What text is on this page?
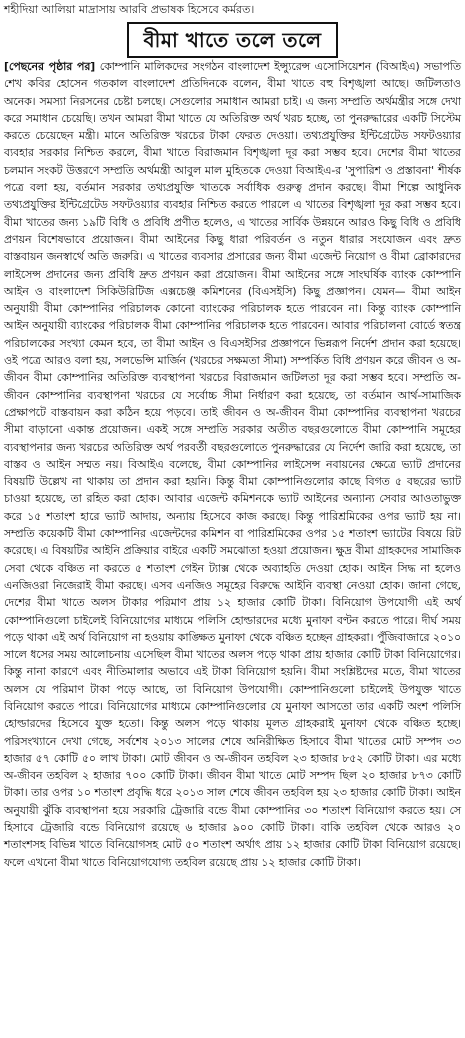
শহীদিয়া আলিয়া মাদ্রাসায় আরবি প্রভাষক হিসেবে কর্মরত।
বীমা খাতে তলে তলে

[পেছনের পৃষ্ঠার পর] কোম্পানি মালিকদের সংগঠন বাংলাদেশ ইন্স্যুরেন্স এসোসিয়েশন (বিআইএ) সভাপতি শেখ কবির হোসেন গতকাল বাংলাদেশ প্রতিদিনকে বলেন, বীমা খাতে বহু বিশৃঙ্খলা আছে। জটিলতাও অনেক। সমস্যা নিরসনের চেষ্টা চলছে। সেগুলোর সমাধান আমরা চাই। এ জন্য সম্প্রতি অর্থমন্ত্রীর সঙ্গে দেখা করে সমাধান চেয়েছি। তখন আমরা বীমা খাতে যে অতিরিক্ত অর্থ খরচ হচ্ছে, তা পুনরুদ্ধারের একটি সিস্টেম করতে চেয়েছেন মন্ত্রী। মানে অতিরিক্ত খরচের টাকা ফেরত দেওয়া। তথ্যপ্রযুক্তির ইন্টিগ্রেটেড সফটওয়্যার ব্যবহার সরকার নিশ্চিত করলে, বীমা খাতে বিরাজমান বিশৃঙ্খলা দূর করা সম্ভব হবে। দেশের বীমা খাতের চলমান সংকট উত্তরণে সম্প্রতি অর্থমন্ত্রী আবুল মাল মুহিতকে দেওয়া বিআইএ-র 'সুপারিশ ও প্রস্তাবনা' শীর্ষক পত্রে বলা হয়, বর্তমান সরকার তথ্যপ্রযুক্তি খাতকে সর্বাধিক গুরুত্ব প্রদান করছে। বীমা শিল্পে আধুনিক তথ্যপ্রযুক্তির ইন্টিগ্রেটেড সফটওয়্যার ব্যবহার নিশ্চিত করতে পারলে এ খাতের বিশৃঙ্খলা দূর করা সম্ভব হবে। বীমা খাতের জন্য ১৯টি বিধি ও প্রবিধি প্রণীত হলেও, এ খাতের সার্বিক উন্নয়নে আরও কিছু বিধি ও প্রবিধি প্রণয়ন বিশেষভাবে প্রয়োজন। বীমা আইনের কিছু ধারা পরিবর্তন ও নতুন ধারার সংযোজন এবং দ্রুত বাস্তবায়ন জনস্বার্থে অতি জরুরি। এ খাতের ব্যবসার প্রসারের জন্য বীমা এজেন্ট নিয়োগ ও বীমা ব্রোকারদের লাইসেন্স প্রদানের জন্য প্রবিধি দ্রুত প্রণয়ন করা প্রয়োজন। বীমা আইনের সঙ্গে সাংঘর্ষিক ব্যাংক কোম্পানি আইন ও বাংলাদেশ সিকিউরিটিজ এক্সচেঞ্জ কমিশনের (বিএসইসি) কিছু প্রজ্ঞাপন। যেমন— বীমা আইন অনুযায়ী বীমা কোম্পানির পরিচালক কোনো ব্যাংকের পরিচালক হতে পারবেন না। কিন্তু ব্যাংক কোম্পানি আইন অনুযায়ী ব্যাংকের পরিচালক বীমা কোম্পানির পরিচালক হতে পারবেন। আবার পরিচালনা বোর্ডে স্বতন্ত্র পরিচালকের সংখ্যা কেমন হবে, তা বীমা আইন ও বিএসইসির প্রজ্ঞাপনে ভিন্নরূপ নির্দেশ প্রদান করা হয়েছে। ওই পত্রে আরও বলা হয়, সলভেন্সি মার্জিন (খরচের সক্ষমতা সীমা) সম্পর্কিত বিধি প্রণয়ন করে জীবন ও অ-জীবন বীমা কোম্পানির অতিরিক্ত ব্যবস্থাপনা খরচের বিরাজমান জটিলতা দূর করা সম্ভব হবে। সম্প্রতি অ-জীবন কোম্পানির ব্যবস্থাপনা খরচের যে সর্বোচ্চ সীমা নির্ধারণ করা হয়েছে, তা বর্তমান আর্থ-সামাজিক প্রেক্ষাপটে বাস্তবায়ন করা কঠিন হয়ে পড়বে। তাই জীবন ও অ-জীবন বীমা কোম্পানির ব্যবস্থাপনা খরচের সীমা বাড়ানো একান্ত প্রয়োজন। একই সঙ্গে সম্প্রতি সরকার অতীত বছরগুলোতে বীমা কোম্পানি সমূহের ব্যবস্থাপনার জন্য খরচের অতিরিক্ত অর্থ পরবর্তী বছরগুলোতে পুনরুদ্ধারের যে নির্দেশ জারি করা হয়েছে, তা বাস্তব ও আইন সম্মত নয়। বিআইএ বলেছে, বীমা কোম্পানির লাইসেন্স নবায়নের ক্ষেত্রে ভ্যাট প্রদানের বিষয়টি উল্লেখ না থাকায় তা প্রদান করা হয়নি। কিন্তু বীমা কোম্পানিগুলোর কাছে বিগত ৫ বছরের ভ্যাট চাওয়া হয়েছে, তা রহিত করা হোক। আবার এজেন্ট কমিশনকে ভ্যাট আইনের অন্যান্য সেবার আওতাভুক্ত করে ১৫ শতাংশ হারে ভ্যাট আদায়, অন্যায় হিসেবে কাজ করছে। কিন্তু পারিশ্রমিকের ওপর ভ্যাট হয় না। সম্প্রতি কয়েকটি বীমা কোম্পানির এজেন্টদের কমিশন বা পারিশ্রমিকের ওপর ১৫ শতাংশ ভ্যাটের বিষয়ে রিট করেছে। এ বিষয়টির আইনি প্রক্রিয়ার বাইরে একটি সমঝোতা হওয়া প্রয়োজন। ক্ষুদ্র বীমা গ্রাহকদের সামাজিক সেবা থেকে বঞ্চিত না করতে ৫ শতাংশ গেইন ট্যাক্স থেকে অব্যাহতি দেওয়া হোক। আইন সিদ্ধ না হলেও এনজিওরা নিজেরাই বীমা করছে। এসব এনজিও সমূহের বিরুদ্ধে আইনি ব্যবস্থা নেওয়া হোক। জানা গেছে, দেশের বীমা খাতে অলস টাকার পরিমাণ প্রায় ১২ হাজার কোটি টাকা। বিনিয়োগ উপযোগী এই অর্থ কোম্পানিগুলো চাইলেই বিনিয়োগের মাধ্যমে পলিসি হোল্ডারদের মধ্যে মুনাফা বণ্টন করতে পারে। দীর্ঘ সময় পড়ে থাকা এই অর্থ বিনিয়োগ না হওয়ায় কাঙ্ক্ষিত মুনাফা থেকে বঞ্চিত হচ্ছেন গ্রাহকরা। পুঁজিবাজারে ২০১০ সালে ধসের সময় আলোচনায় এসেছিল বীমা খাতের অলস পড়ে থাকা প্রায় হাজার কোটি টাকা বিনিয়োগের। কিন্তু নানা কারণে এবং নীতিমালার অভাবে এই টাকা বিনিয়োগ হয়নি। বীমা সংশ্লিষ্টদের মতে, বীমা খাতের অলস যে পরিমাণ টাকা পড়ে আছে, তা বিনিয়োগ উপযোগী। কোম্পানিগুলো চাইলেই উপযুক্ত খাতে বিনিয়োগ করতে পারে। বিনিয়োগের মাধ্যমে কোম্পানিগুলোর যে মুনাফা আসতো তার একটি অংশ পলিসি হোল্ডারদের হিসেবে যুক্ত হতো। কিন্তু অলস পড়ে থাকায় মূলত গ্রাহকরাই মুনাফা থেকে বঞ্চিত হচ্ছে। পরিসংখ্যানে দেখা গেছে, সর্বশেষ ২০১৩ সালের শেষে অনিরীক্ষিত হিসাবে বীমা খাতের মোট সম্পদ ৩৩ হাজার ৫৭ কোটি ৫০ লাখ টাকা। মোট জীবন ও অ-জীবন তহবিল ২৩ হাজার ৮৫২ কোটি টাকা। এর মধ্যে অ-জীবন তহবিল ২ হাজার ৭০০ কোটি টাকা। জীবন বীমা খাতে মোট সম্পদ ছিল ২০ হাজার ৮৭৩ কোটি টাকা। তার ওপর ১০ শতাংশ প্রবৃদ্ধি ধরে ২০১৩ সাল শেষে জীবন তহবিল হয় ২৩ হাজার কোটি টাকা। আইন অনুযায়ী ঝুঁকি ব্যবস্থাপনা হয়ে সরকারি ট্রেজারি বন্ডে বীমা কোম্পানির ৩০ শতাংশ বিনিয়োগ করতে হয়। সে হিসাবে ট্রেজারি বন্ডে বিনিয়োগ রয়েছে ৬ হাজার ৯০০ কোটি টাকা। বাকি তহবিল থেকে আরও ২০ শতাংশসহ বিভিন্ন খাতে বিনিয়োগসহ মোট ৫০ শতাংশ অর্থাৎ প্রায় ১২ হাজার কোটি টাকা বিনিয়োগ রয়েছে। ফলে এখনো বীমা খাতে বিনিয়োগযোগ্য তহবিল রয়েছে প্রায় ১২ হাজার কোটি টাকা।
